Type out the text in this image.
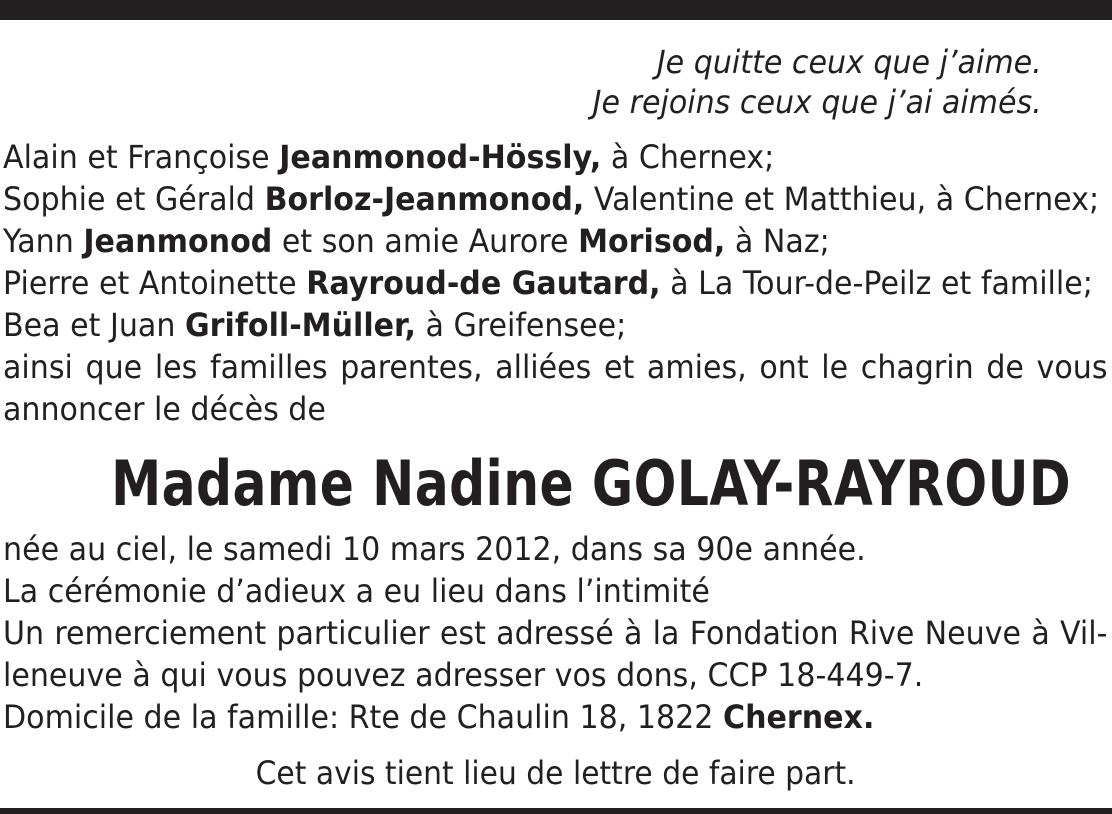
Je quitte ceux que j’aime.
Je rejoins ceux que j’ai aimés.
Alain et Françoise Jeanmonod-Hössly, à Chernex;
Sophie et Gérald Borloz-Jeanmonod, Valentine et Matthieu, à Chernex;
Yann Jeanmonod et son amie Aurore Morisod, à Naz;
Pierre et Antoinette Rayroud-de Gautard, à La Tour-de-Peilz et famille;
Bea et Juan Grifoll-Müller, à Greifensee;
ainsi que les familles parentes, alliées et amies, ont le chagrin de vous
annoncer le décès de
née au ciel, le samedi 10 mars 2012, dans sa 90e année.
La cérémonie d’adieux a eu lieu dans l’intimité
Un remerciement particulier est adressé à la Fondation Rive Neuve à Vil-
leneuve à qui vous pouvez adresser vos dons, CCP 18-449-7.
Domicile de la famille: Rte de Chaulin 18, 1822 Chernex.
Madame Nadine GOLAY-RAYROUD
Cet avis tient lieu de lettre de faire part.
